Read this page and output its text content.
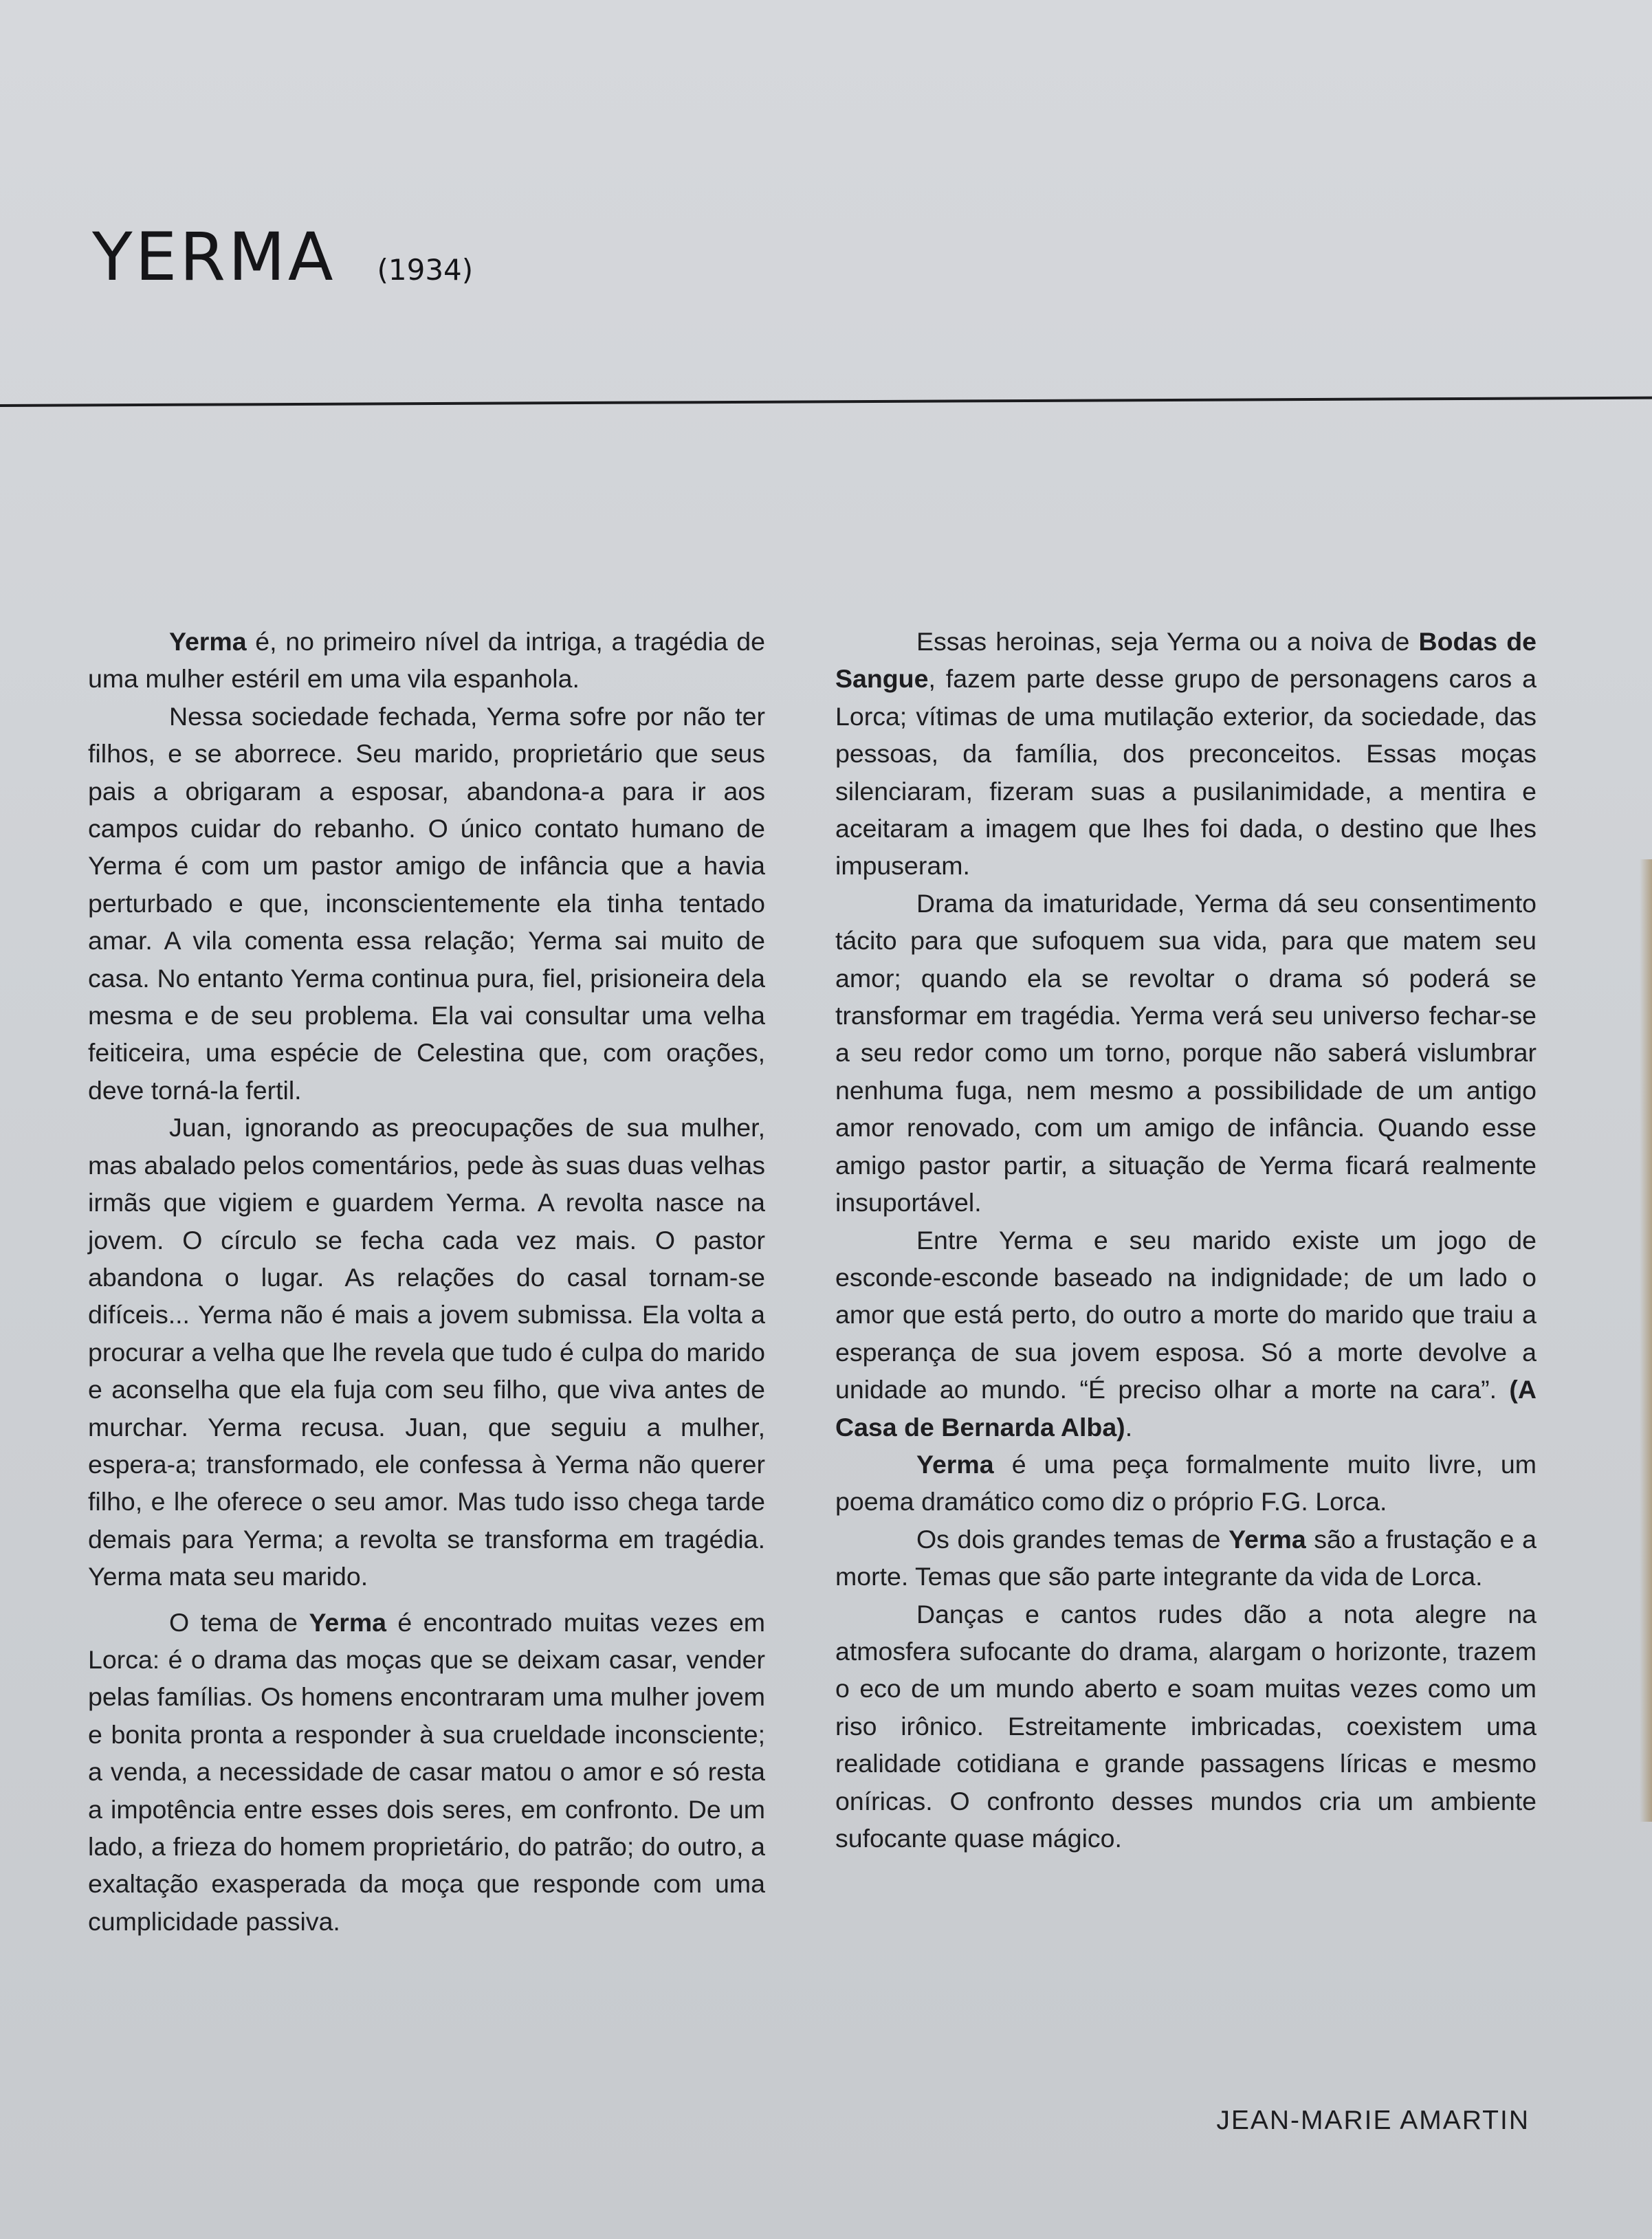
YERMA (1934)

Yerma é, no primeiro nível da intriga, a tragédia de uma mulher estéril em uma vila espanhola.

Nessa sociedade fechada, Yerma sofre por não ter filhos, e se aborrece. Seu marido, proprietário que seus pais a obrigaram a esposar, abandona-a para ir aos campos cuidar do rebanho. O único contato humano de Yerma é com um pastor amigo de infância que a havia perturbado e que, inconscientemente ela tinha tentado amar. A vila comenta essa relação; Yerma sai muito de casa. No entanto Yerma continua pura, fiel, prisioneira dela mesma e de seu problema. Ela vai consultar uma velha feiticeira, uma espécie de Celestina que, com orações, deve torná-la fertil.

Juan, ignorando as preocupações de sua mulher, mas abalado pelos comentários, pede às suas duas velhas irmãs que vigiem e guardem Yerma. A revolta nasce na jovem. O círculo se fecha cada vez mais. O pastor abandona o lugar. As relações do casal tornam-se difíceis... Yerma não é mais a jovem submissa. Ela volta a procurar a velha que lhe revela que tudo é culpa do marido e aconselha que ela fuja com seu filho, que viva antes de murchar. Yerma recusa. Juan, que seguiu a mulher, espera-a; transformado, ele confessa à Yerma não querer filho, e lhe oferece o seu amor. Mas tudo isso chega tarde demais para Yerma; a revolta se transforma em tragédia. Yerma mata seu marido.

O tema de Yerma é encontrado muitas vezes em Lorca: é o drama das moças que se deixam casar, vender pelas famílias. Os homens encontraram uma mulher jovem e bonita pronta a responder à sua crueldade inconsciente; a venda, a necessidade de casar matou o amor e só resta a impotência entre esses dois seres, em confronto. De um lado, a frieza do homem proprietário, do patrão; do outro, a exaltação exasperada da moça que responde com uma cumplicidade passiva.

Essas heroinas, seja Yerma ou a noiva de Bodas de Sangue, fazem parte desse grupo de personagens caros a Lorca; vítimas de uma mutilação exterior, da sociedade, das pessoas, da família, dos preconceitos. Essas moças silenciaram, fizeram suas a pusilanimidade, a mentira e aceitaram a imagem que lhes foi dada, o destino que lhes impuseram.

Drama da imaturidade, Yerma dá seu consentimento tácito para que sufoquem sua vida, para que matem seu amor; quando ela se revoltar o drama só poderá se transformar em tragédia. Yerma verá seu universo fechar-se a seu redor como um torno, porque não saberá vislumbrar nenhuma fuga, nem mesmo a possibilidade de um antigo amor renovado, com um amigo de infância. Quando esse amigo pastor partir, a situação de Yerma ficará realmente insuportável.

Entre Yerma e seu marido existe um jogo de esconde-esconde baseado na indignidade; de um lado o amor que está perto, do outro a morte do marido que traiu a esperança de sua jovem esposa. Só a morte devolve a unidade ao mundo. “É preciso olhar a morte na cara”. (A Casa de Bernarda Alba).

Yerma é uma peça formalmente muito livre, um poema dramático como diz o próprio F.G. Lorca.

Os dois grandes temas de Yerma são a frustação e a morte. Temas que são parte integrante da vida de Lorca.

Danças e cantos rudes dão a nota alegre na atmosfera sufocante do drama, alargam o horizonte, trazem o eco de um mundo aberto e soam muitas vezes como um riso irônico. Estreitamente imbricadas, coexistem uma realidade cotidiana e grande passagens líricas e mesmo oníricas. O confronto desses mundos cria um ambiente sufocante quase mágico.

JEAN-MARIE AMARTIN
